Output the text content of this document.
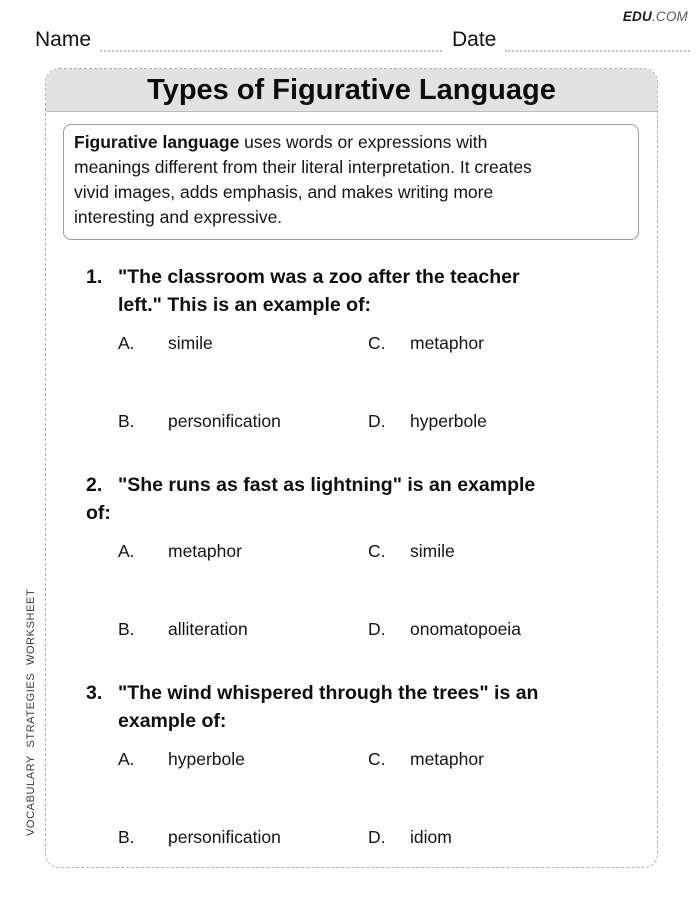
EDU.COM
Name	Date
VOCABULARY STRATEGIES WORKSHEET
Types of Figurative Language
Figurative language uses words or expressions with
meanings different from their literal interpretation. It creates
vivid images, adds emphasis, and makes writing more
interesting and expressive.
1. "The classroom was a zoo after the teacher
left." This is an example of:
A.	simile	C.	metaphor
B.	personification	D.	hyperbole
2. "She runs as fast as lightning" is an example
of:
A.	metaphor	C.	simile
B.	alliteration	D.	onomatopoeia
3. "The wind whispered through the trees" is an
example of:
A.	hyperbole	C.	metaphor
B.	personification	D.	idiom
